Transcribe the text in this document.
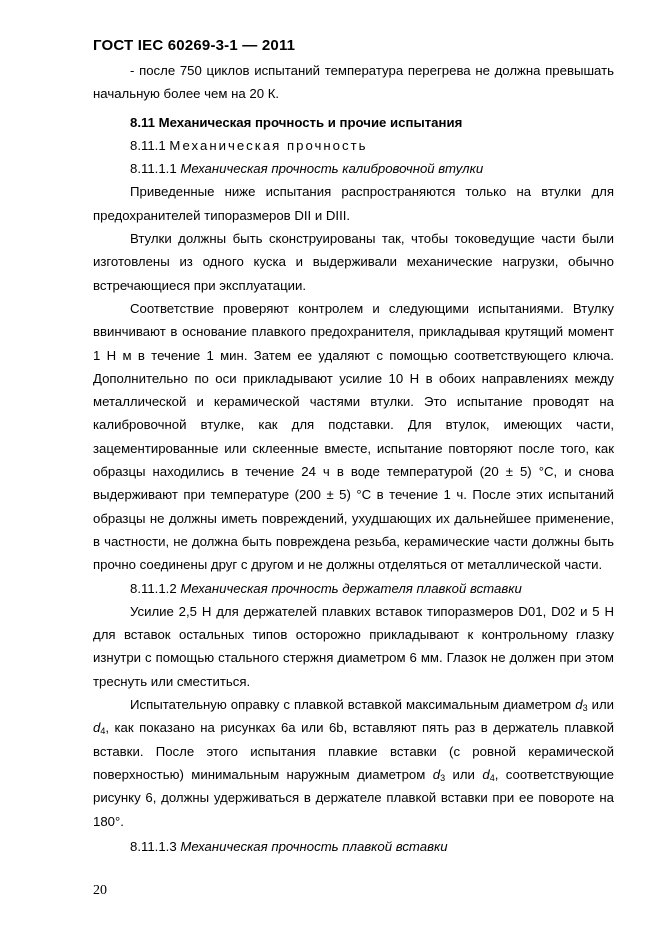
ГОСТ IEC 60269-3-1 — 2011

- после 750 циклов испытаний температура перегрева не должна превышать начальную более чем на 20 К.

8.11 Механическая прочность и прочие испытания

8.11.1 Механическая прочность

8.11.1.1 Механическая прочность калибровочной втулки

Приведенные ниже испытания распространяются только на втулки для предохранителей типоразмеров DII и DIII.

Втулки должны быть сконструированы так, чтобы токоведущие части были изготовлены из одного куска и выдерживали механические нагрузки, обычно встречающиеся при эксплуатации.

Соответствие проверяют контролем и следующими испытаниями. Втулку ввинчивают в основание плавкого предохранителя, прикладывая крутящий момент 1 Н м в течение 1 мин. Затем ее удаляют с помощью соответствующего ключа. Дополнительно по оси прикладывают усилие 10 Н в обоих направлениях между металлической и керамической частями втулки. Это испытание проводят на калибровочной втулке, как для подставки. Для втулок, имеющих части, зацементированные или склеенные вместе, испытание повторяют после того, как образцы находились в течение 24 ч в воде температурой (20 ± 5) °C, и снова выдерживают при температуре (200 ± 5) °C в течение 1 ч. После этих испытаний образцы не должны иметь повреждений, ухудшающих их дальнейшее применение, в частности, не должна быть повреждена резьба, керамические части должны быть прочно соединены друг с другом и не должны отделяться от металлической части.

8.11.1.2 Механическая прочность держателя плавкой вставки

Усилие 2,5 Н для держателей плавких вставок типоразмеров D01, D02 и 5 Н для вставок остальных типов осторожно прикладывают к контрольному глазку изнутри с помощью стального стержня диаметром 6 мм. Глазок не должен при этом треснуть или сместиться.

Испытательную оправку с плавкой вставкой максимальным диаметром $d_3$ или $d_4$, как показано на рисунках 6а или 6b, вставляют пять раз в держатель плавкой вставки. После этого испытания плавкие вставки (с ровной керамической поверхностью) минимальным наружным диаметром $d_3$ или $d_4$, соответствующие рисунку 6, должны удерживаться в держателе плавкой вставки при ее повороте на 180°.

8.11.1.3 Механическая прочность плавкой вставки

20
